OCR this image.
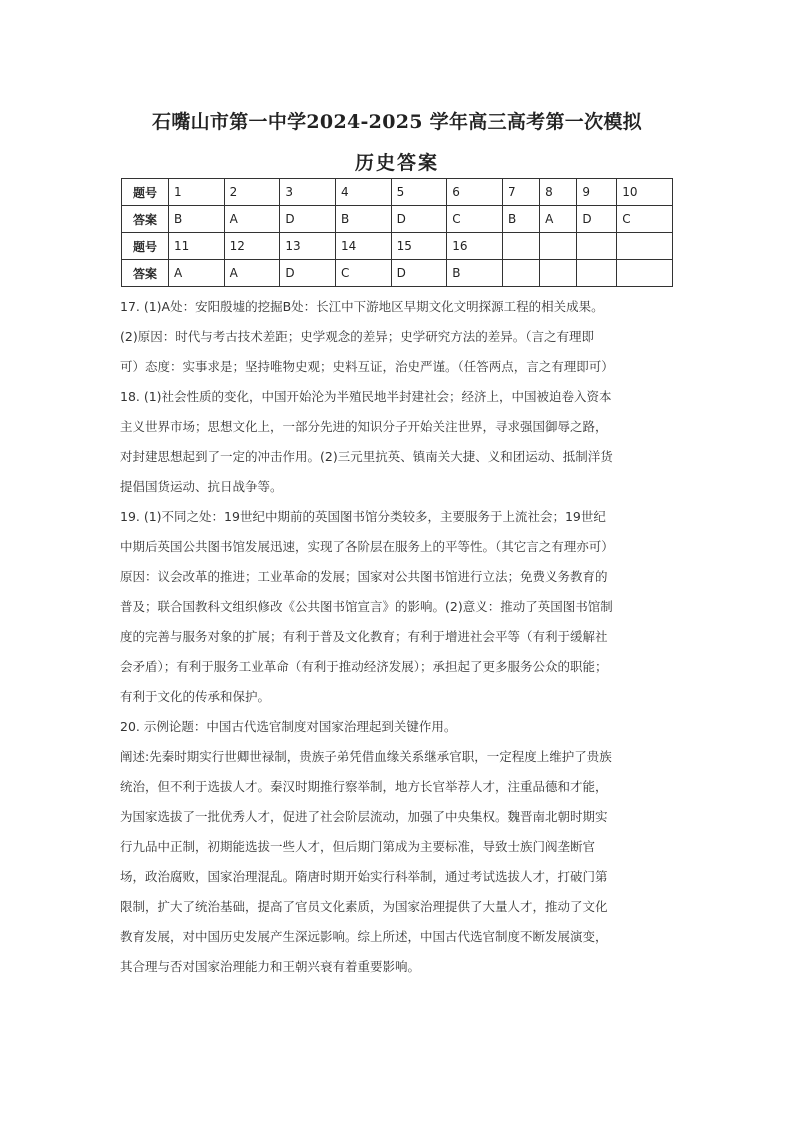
石嘴山市第一中学2024-2025 学年高三高考第一次模拟
历史答案
题号	1	2	3	4	5	6	7	8	9	10
答案	B	A	D	B	D	C	B	A	D	C
题号	11	12	13	14	15	16				
答案	A	A	D	C	D	B				

17. (1)A处：安阳殷墟的挖掘B处：长江中下游地区早期文化文明探源工程的相关成果。

(2)原因：时代与考古技术差距；史学观念的差异；史学研究方法的差异。（言之有理即

可）态度：实事求是；坚持唯物史观；史料互证，治史严谨。（任答两点，言之有理即可）

18. (1)社会性质的变化，中国开始沦为半殖民地半封建社会；经济上，中国被迫卷入资本

主义世界市场；思想文化上，一部分先进的知识分子开始关注世界，寻求强国御辱之路，

对封建思想起到了一定的冲击作用。(2)三元里抗英、镇南关大捷、义和团运动、抵制洋货

提倡国货运动、抗日战争等。

19. (1)不同之处：19世纪中期前的英国图书馆分类较多，主要服务于上流社会；19世纪

中期后英国公共图书馆发展迅速，实现了各阶层在服务上的平等性。（其它言之有理亦可）

原因：议会改革的推进；工业革命的发展；国家对公共图书馆进行立法；免费义务教育的

普及；联合国教科文组织修改《公共图书馆宣言》的影响。(2)意义：推动了英国图书馆制

度的完善与服务对象的扩展；有利于普及文化教育；有利于增进社会平等（有利于缓解社

会矛盾）；有利于服务工业革命（有利于推动经济发展）；承担起了更多服务公众的职能；

有利于文化的传承和保护。

20. 示例论题：中国古代选官制度对国家治理起到关键作用。

阐述:先秦时期实行世卿世禄制，贵族子弟凭借血缘关系继承官职，一定程度上维护了贵族

统治，但不利于选拔人才。秦汉时期推行察举制，地方长官举荐人才，注重品德和才能，

为国家选拔了一批优秀人才，促进了社会阶层流动，加强了中央集权。魏晋南北朝时期实

行九品中正制，初期能选拔一些人才，但后期门第成为主要标准，导致士族门阀垄断官

场，政治腐败，国家治理混乱。隋唐时期开始实行科举制，通过考试选拔人才，打破门第

限制，扩大了统治基础，提高了官员文化素质，为国家治理提供了大量人才，推动了文化

教育发展，对中国历史发展产生深远影响。综上所述，中国古代选官制度不断发展演变，

其合理与否对国家治理能力和王朝兴衰有着重要影响。
